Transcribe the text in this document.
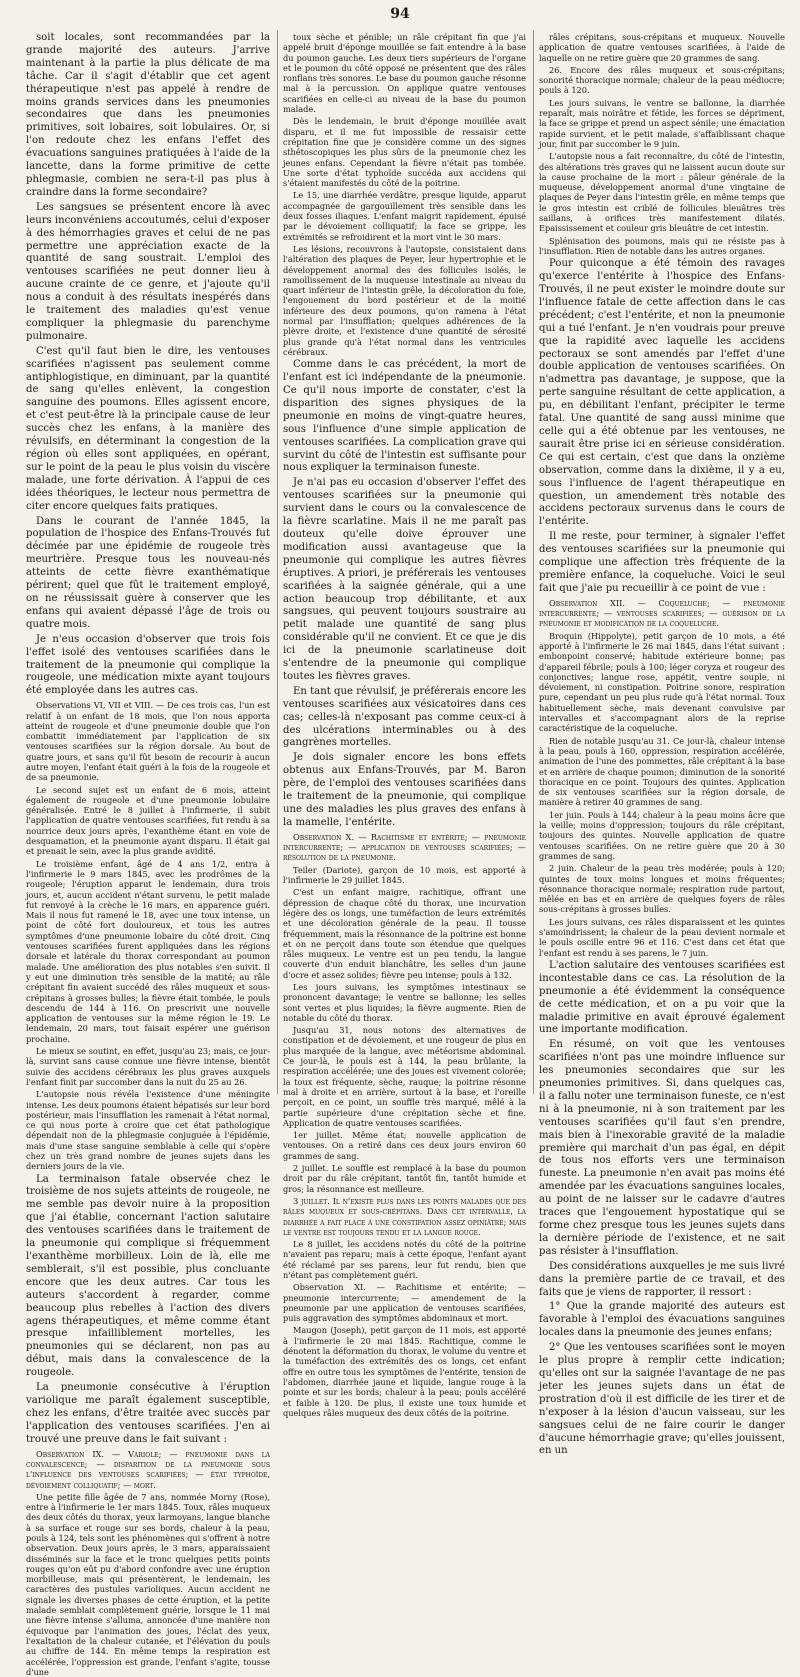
94

soit locales, sont recommandées par la grande majorité des auteurs. J'arrive maintenant à la partie la plus délicate de ma tâche. Car il s'agit d'établir que cet agent thérapeutique n'est pas appelé à rendre de moins grands services dans les pneumonies secondaires que dans les pneumonies primitives, soit lobaires, soit lobulaires. Or, si l'on redoute chez les enfans l'effet des évacuations sanguines pratiquées à l'aide de la lancette, dans la forme primitive de cette phlegmasie, combien ne sera-t-il pas plus à craindre dans la forme secondaire?

Les sangsues se présentent encore là avec leurs inconvéniens accoutumés, celui d'exposer à des hémorrhagies graves et celui de ne pas permettre une appréciation exacte de la quantité de sang soustrait. L'emploi des ventouses scarifiées ne peut donner lieu à aucune crainte de ce genre, et j'ajoute qu'il nous a conduit à des résultats inespérés dans le traitement des maladies qu'est venue compliquer la phlegmasie du parenchyme pulmonaire.

C'est qu'il faut bien le dire, les ventouses scarifiées n'agissent pas seulement comme antiphlogistique, en diminuant, par la quantité de sang qu'elles enlèvent, la congestion sanguine des poumons. Elles agissent encore, et c'est peut-être là la principale cause de leur succès chez les enfans, à la manière des révulsifs, en déterminant la congestion de la région où elles sont appliquées, en opérant, sur le point de la peau le plus voisin du viscère malade, une forte dérivation. À l'appui de ces idées théoriques, le lecteur nous permettra de citer encore quelques faits pratiques.

Dans le courant de l'année 1845, la population de l'hospice des Enfans-Trouvés fut décimée par une épidémie de rougeole très meurtrière. Presque tous les nouveau-nés atteints de cette fièvre exanthématique périrent; quel que fût le traitement employé, on ne réussissait guère à conserver que les enfans qui avaient dépassé l'âge de trois ou quatre mois.

Je n'eus occasion d'observer que trois fois l'effet isolé des ventouses scarifiées dans le traitement de la pneumonie qui complique la rougeole, une médication mixte ayant toujours été employée dans les autres cas.

Observations VI, VII et VIII. — De ces trois cas, l'un est relatif à un enfant de 18 mois, que l'on nous apporta atteint de rougeole et d'une pneumonie double que l'on combattit immédiatement par l'application de six ventouses scarifiées sur la région dorsale. Au bout de quatre jours, et sans qu'il fût besoin de recourir à aucun autre moyen, l'enfant était guéri à la fois de la rougeole et de sa pneumonie.

Le second sujet est un enfant de 6 mois, atteint également de rougeole et d'une pneumonie lobulaire généralisée. Entré le 8 juillet à l'infirmerie, il subit l'application de quatre ventouses scarifiées, fut rendu à sa nourrice deux jours après, l'exanthème étant en voie de desquamation, et la pneumonie ayant disparu. Il était gai et prenait le sein, avec la plus grande avidité.

Le troisième enfant, âgé de 4 ans 1/2, entra à l'infirmerie le 9 mars 1845, avec les prodrômes de la rougeole; l'éruption apparut le lendemain, dura trois jours, et, aucun accident n'étant survenu, le petit malade fut renvoyé à la crèche le 16 mars, en apparence guéri. Mais il nous fut ramené le 18, avec une toux intense, un point de côté fort douloureux, et tous les autres symptômes d'une pneumonie lobaire du côté droit. Cinq ventouses scarifiées furent appliquées dans les régions dorsale et latérale du thorax correspondant au poumon malade. Une amélioration des plus notables s'en suivit. Il y eut une diminution très sensible de la matité; au râle crépitant fin avaient succédé des râles muqueux et sous-crépitans à grosses bulles; la fièvre était tombée, le pouls descendu de 144 à 116. On prescrivit une nouvelle application de ventouses sur la même région le 19. Le lendemain, 20 mars, tout faisait espérer une guérison prochaine.

Le mieux se soutint, en effet, jusqu'au 23; mais, ce jour-là, survint sans cause connue une fièvre intense, bientôt suivie des accidens cérébraux les plus graves auxquels l'enfant finit par succomber dans la nuit du 25 au 26.

L'autopsie nous révéla l'existence d'une méningite intense. Les deux poumons étaient hépatisés sur leur bord postérieur, mais l'insufflation les ramenait à l'état normal, ce qui nous porte à croire que cet état pathologique dépendait non de la phlegmasie conjuguée à l'épidémie, mais d'une stase sanguine semblable à celle qui s'opère chez un très grand nombre de jeunes sujets dans les derniers jours de la vie.

La terminaison fatale observée chez le troisième de nos sujets atteints de rougeole, ne me semble pas devoir nuire à la proposition que j'ai établie, concernant l'action salutaire des ventouses scarifiées dans le traitement de la pneumonie qui complique si fréquemment l'exanthème morbilleux. Loin de là, elle me semblerait, s'il est possible, plus concluante encore que les deux autres. Car tous les auteurs s'accordent à regarder, comme beaucoup plus rebelles à l'action des divers agens thérapeutiques, et même comme étant presque infailliblement mortelles, les pneumonies qui se déclarent, non pas au début, mais dans la convalescence de la rougeole.

La pneumonie consécutive à l'éruption variolique me paraît également susceptible, chez les enfans, d'être traitée avec succès par l'application des ventouses scarifiées. J'en ai trouvé une preuve dans le fait suivant :

Observation IX. — Variole; — pneumonie dans la convalescence; — disparition de la pneumonie sous l'influence des ventouses scarifiées; — état typhoïde, dévoiement colliquatif; — mort.

Une petite fille âgée de 7 ans, nommée Morny (Rose), entre à l'infirmerie le 1er mars 1845. Toux, râles muqueux des deux côtés du thorax, yeux larmoyans, langue blanche à sa surface et rouge sur ses bords, chaleur à la peau, pouls à 124, tels sont les phénomènes qui s'offrent à notre observation. Deux jours après, le 3 mars, apparaissaient disséminés sur la face et le tronc quelques petits points rouges qu'on eût pu d'abord confondre avec une éruption morbilleuse, mais qui présentèrent, le lendemain, les caractères des pustules varioliques. Aucun accident ne signale les diverses phases de cette éruption, et la petite malade semblait complètement guérie, lorsque le 11 mai une fièvre intense s'alluma, annoncée d'une manière non équivoque par l'animation des joues, l'éclat des yeux, l'exaltation de la chaleur cutanée, et l'élévation du pouls au chiffre de 144. En même temps la respiration est accélérée, l'oppression est grande, l'enfant s'agite, tousse d'une

toux sèche et pénible; un râle crépitant fin que j'ai appelé bruit d'éponge mouillée se fait entendre à la base du poumon gauche. Les deux tiers supérieurs de l'organe et le poumon du côté opposé ne présentent que des râles ronflans très sonores. Le base du poumon gauche résonne mal à la percussion. On applique quatre ventouses scarifiées en celle-ci au niveau de la base du poumon malade.

Dès le lendemain, le bruit d'éponge mouillée avait disparu, et il me fut impossible de ressaisir cette crépitation fine que je considère comme un des signes sthétoscopiques les plus sûrs de la pneumonie chez les jeunes enfans. Cependant la fièvre n'était pas tombée. Une sorte d'état typhoïde succéda aux accidens qui s'étaient manifestés du côté de la poitrine.

Le 15, une diarrhée verdâtre, presque liquide, apparut accompagnée de gargouillement très sensible dans les deux fosses iliaques. L'enfant maigrit rapidement, épuisé par le dévoiement colliquatif; la face se grippe, les extrémités se refroidirent et la mort vint le 30 mars.

Les lésions, recouvrons à l'autopsie, consistaient dans l'altération des plaques de Peyer, leur hypertrophie et le développement anormal des des follicules isolés, le ramollissement de la muqueuse intestinale au niveau du quart inférieur de l'intestin grêle, la décoloration du foie, l'engouement du bord postérieur et de la moitié inférieure des deux poumons, qu'on ramena à l'état normal par l'insufflation; quelques adhérences de la plèvre droite, et l'existence d'une quantité de sérosité plus grande qu'à l'état normal dans les ventricules cérébraux.

Comme dans le cas précédent, la mort de l'enfant est ici indépendante de la pneumonie. Ce qu'il nous importe de constater, c'est la disparition des signes physiques de la pneumonie en moins de vingt-quatre heures, sous l'influence d'une simple application de ventouses scarifiées. La complication grave qui survint du côté de l'intestin est suffisante pour nous expliquer la terminaison funeste.

Je n'ai pas eu occasion d'observer l'effet des ventouses scarifiées sur la pneumonie qui survient dans le cours ou la convalescence de la fièvre scarlatine. Mais il ne me paraît pas douteux qu'elle doive éprouver une modification aussi avantageuse que la pneumonie qui complique les autres fièvres éruptives. A priori, je préférerais les ventouses scarifiées à la saignée générale, qui a une action beaucoup trop débilitante, et aux sangsues, qui peuvent toujours soustraire au petit malade une quantité de sang plus considérable qu'il ne convient. Et ce que je dis ici de la pneumonie scarlatineuse doit s'entendre de la pneumonie qui complique toutes les fièvres graves.

En tant que révulsif, je préférerais encore les ventouses scarifiées aux vésicatoires dans ces cas; celles-là n'exposant pas comme ceux-ci à des ulcérations interminables ou à des gangrènes mortelles.

Je dois signaler encore les bons effets obtenus aux Enfans-Trouvés, par M. Baron père, de l'emploi des ventouses scarifiées dans le traitement de la pneumonie, qui complique une des maladies les plus graves des enfans à la mamelle, l'entérite.

Observation X. — Rachitisme et entérite; — pneumonie intercurrente; — application de ventouses scarifiées; — résolution de la pneumonie.

Teiler (Dariote), garçon de 10 mois, est apporté à l'infirmerie le 29 juillet 1845.

C'est un enfant maigre, rachitique, offrant une dépression de chaque côté du thorax, une incurvation légère des os longs, une tuméfaction de leurs extrémités et une décoloration générale de la peau. Il tousse fréquemment, mais la résonnance de la poitrine est bonne et on ne perçoit dans toute son étendue que quelques râles muqueux. Le ventre est un peu tendu, la langue couverte d'un enduit blanchâtre, les selles d'un jaune d'ocre et assez solides; fièvre peu intense; pouls à 132.

Les jours suivans, les symptômes intestinaux se prononcent davantage; le ventre se ballonne; les selles sont vertes et plus liquides; la fièvre augmente. Rien de notable du côté du thorax.

Jusqu'au 31, nous notons des alternatives de constipation et de dévoiement, et une rougeur de plus en plus marquée de la langue, avec météorisme abdominal. Ce jour-là, le pouls est à 144, la peau brûlante, la respiration accélérée; une des joues est vivement colorée; la toux est fréquente, sèche, rauque; la poitrine résonne mal à droite et en arrière, surtout à la base, et l'oreille perçoit, en ce point, un souffle très marqué, mêlé à la partie supérieure d'une crépitation sèche et fine. Application de quatre ventouses scarifiées.

1er juillet. Même état; nouvelle application de ventouses. On a retiré dans ces deux jours environ 60 grammes de sang.

2 juillet. Le souffle est remplacé à la base du poumon droit par du râle crépitant, tantôt fin, tantôt humide et gros; la résonnance est meilleure.

3 juillet. Il n'existe plus dans les points malades que des râles muqueux et sous-crépitans. Dans cet intervalle, la diarrhée a fait place à une constipation assez opiniâtre; mais le ventre est toujours tendu et la langue rouge.

Le 8 juillet, les accidens notés du côté de la poitrine n'avaient pas reparu; mais à cette époque, l'enfant ayant été réclamé par ses parens, leur fut rendu, bien que n'étant pas complètement guéri.

Observation XI. — Rachitisme et entérite; — pneumonie intercurrente; — amendement de la pneumonie par une application de ventouses scarifiées, puis aggravation des symptômes abdominaux et mort.

Maugon (Joseph), petit garçon de 11 mois, est apporté à l'infirmerie le 20 mai 1845. Rachitique, comme le dénotent la déformation du thorax, le volume du ventre et la tuméfaction des extrémités des os longs, cet enfant offre en outre tous les symptômes de l'entérite, tension de l'abdomen, diarrhée jaune et liquide, langue rouge à la pointe et sur les bords; chaleur à la peau; pouls accéléré et faible à 120. De plus, il existe une toux humide et quelques râles muqueux des deux côtés de la poitrine.

râles crépitans, sous-crépitans et muqueux. Nouvelle application de quatre ventouses scarifiées, à l'aide de laquelle on ne retire guère que 20 grammes de sang.

26. Encore des râles muqueux et sous-crépitans; sonorité thoracique normale; chaleur de la peau médiocre; pouls à 120.

Les jours suivans, le ventre se ballonne, la diarrhée reparaît, mais noirâtre et fétide, les forces se dépriment, la face se grippe et prend un aspect sénile; une émaciation rapide survient, et le petit malade, s'affaiblissant chaque jour, finit par succomber le 9 juin.

L'autopsie nous a fait reconnaître, du côté de l'intestin, des altérations très graves qui ne laissent aucun doute sur la cause prochaine de la mort : pâleur générale de la muqueuse, développement anormal d'une vingtaine de plaques de Peyer dans l'intestin grêle, en même temps que le gros intestin est criblé de follicules bleuâtres très saillans, à orifices très manifestement dilatés. Epaississement et couleur gris bleuâtre de cet intestin.

Splénisation des poumons, mais qui ne résiste pas à l'insufflation. Rien de notable dans les autres organes.

Pour quiconque a été témoin des ravages qu'exerce l'entérite à l'hospice des Enfans-Trouvés, il ne peut exister le moindre doute sur l'influence fatale de cette affection dans le cas précédent; c'est l'entérite, et non la pneumonie qui a tué l'enfant. Je n'en voudrais pour preuve que la rapidité avec laquelle les accidens pectoraux se sont amendés par l'effet d'une double application de ventouses scarifiées. On n'admettra pas davantage, je suppose, que la perte sanguine résultant de cette application, a pu, en débilitant l'enfant, précipiter le terme fatal. Une quantité de sang aussi minime que celle qui a été obtenue par les ventouses, ne saurait être prise ici en sérieuse considération. Ce qui est certain, c'est que dans la onzième observation, comme dans la dixième, il y a eu, sous l'influence de l'agent thérapeutique en question, un amendement très notable des accidens pectoraux survenus dans le cours de l'entérite.

Il me reste, pour terminer, à signaler l'effet des ventouses scarifiées sur la pneumonie qui complique une affection très fréquente de la première enfance, la coqueluche. Voici le seul fait que j'aie pu recueillir à ce point de vue :

Observation XII. — Coqueluche; — pneumonie intercurrente; — ventouses scarifiées; — guérison de la pneumonie et modification de la coqueluche.

Broquin (Hippolyte), petit garçon de 10 mois, a été apporté à l'infirmerie le 26 mai 1845, dans l'état suivant : embonpoint conservé; habitude extérieure bonne; pas d'appareil fébrile; pouls à 100; léger coryza et rougeur des conjonctives; langue rose, appétit, ventre souple, ni dévoiement, ni constipation. Poitrine sonore, respiration pure, cependant un peu plus rude qu'à l'état normal. Toux habituellement sèche, mais devenant convulsive par intervalles et s'accompagnant alors de la reprise caractéristique de la coqueluche.

Rien de notable jusqu'au 31. Ce jour-là, chaleur intense à la peau, pouls à 160, oppression, respiration accélérée, animation de l'une des pommettes, râle crépitant à la base et en arrière de chaque poumon; diminution de la sonorité thoracique en ce point. Toujours des quintes. Application de six ventouses scarifiées sur la région dorsale, de manière à retirer 40 grammes de sang.

1er juin. Pouls à 144; chaleur à la peau moins âcre que la veille; moins d'oppression; toujours du râle crépitant, toujours des quintes. Nouvelle application de quatre ventouses scarifiées. On ne retire guère que 20 à 30 grammes de sang.

2 juin. Chaleur de la peau très modérée; pouls à 120; quintes de toux moins longues et moins fréquentes; résonnance thoracique normale; respiration rude partout, mêlée en bas et en arrière de quelques foyers de râles sous-crépitans à grosses bulles.

Les jours suivans, ces râles disparaissent et les quintes s'amoindrissent; la chaleur de la peau devient normale et le pouls oscille entre 96 et 116. C'est dans cet état que l'enfant est rendu à ses parens, le 7 juin.

L'action salutaire des ventouses scarifiées est incontestable dans ce cas. La résolution de la pneumonie a été évidemment la conséquence de cette médication, et on a pu voir que la maladie primitive en avait éprouvé également une importante modification.

En résumé, on voit que les ventouses scarifiées n'ont pas une moindre influence sur les pneumonies secondaires que sur les pneumonies primitives. Si, dans quelques cas, il a fallu noter une terminaison funeste, ce n'est ni à la pneumonie, ni à son traitement par les ventouses scarifiées qu'il faut s'en prendre, mais bien à l'inexorable gravité de la maladie première qui marchait d'un pas égal, en dépit de tous nos efforts vers une terminaison funeste. La pneumonie n'en avait pas moins été amendée par les évacuations sanguines locales, au point de ne laisser sur le cadavre d'autres traces que l'engouement hypostatique qui se forme chez presque tous les jeunes sujets dans la dernière période de l'existence, et ne sait pas résister à l'insufflation.

Des considérations auxquelles je me suis livré dans la première partie de ce travail, et des faits que je viens de rapporter, il ressort :

1° Que la grande majorité des auteurs est favorable à l'emploi des évacuations sanguines locales dans la pneumonie des jeunes enfans;

2° Que les ventouses scarifiées sont le moyen le plus propre à remplir cette indication; qu'elles ont sur la saignée l'avantage de ne pas jeter les jeunes sujets dans un état de prostration d'où il est difficile de les tirer et de n'exposer à la lésion d'aucun vaisseau, sur les sangsues celui de ne faire courir le danger d'aucune hémorrhagie grave; qu'elles jouissent, en un
